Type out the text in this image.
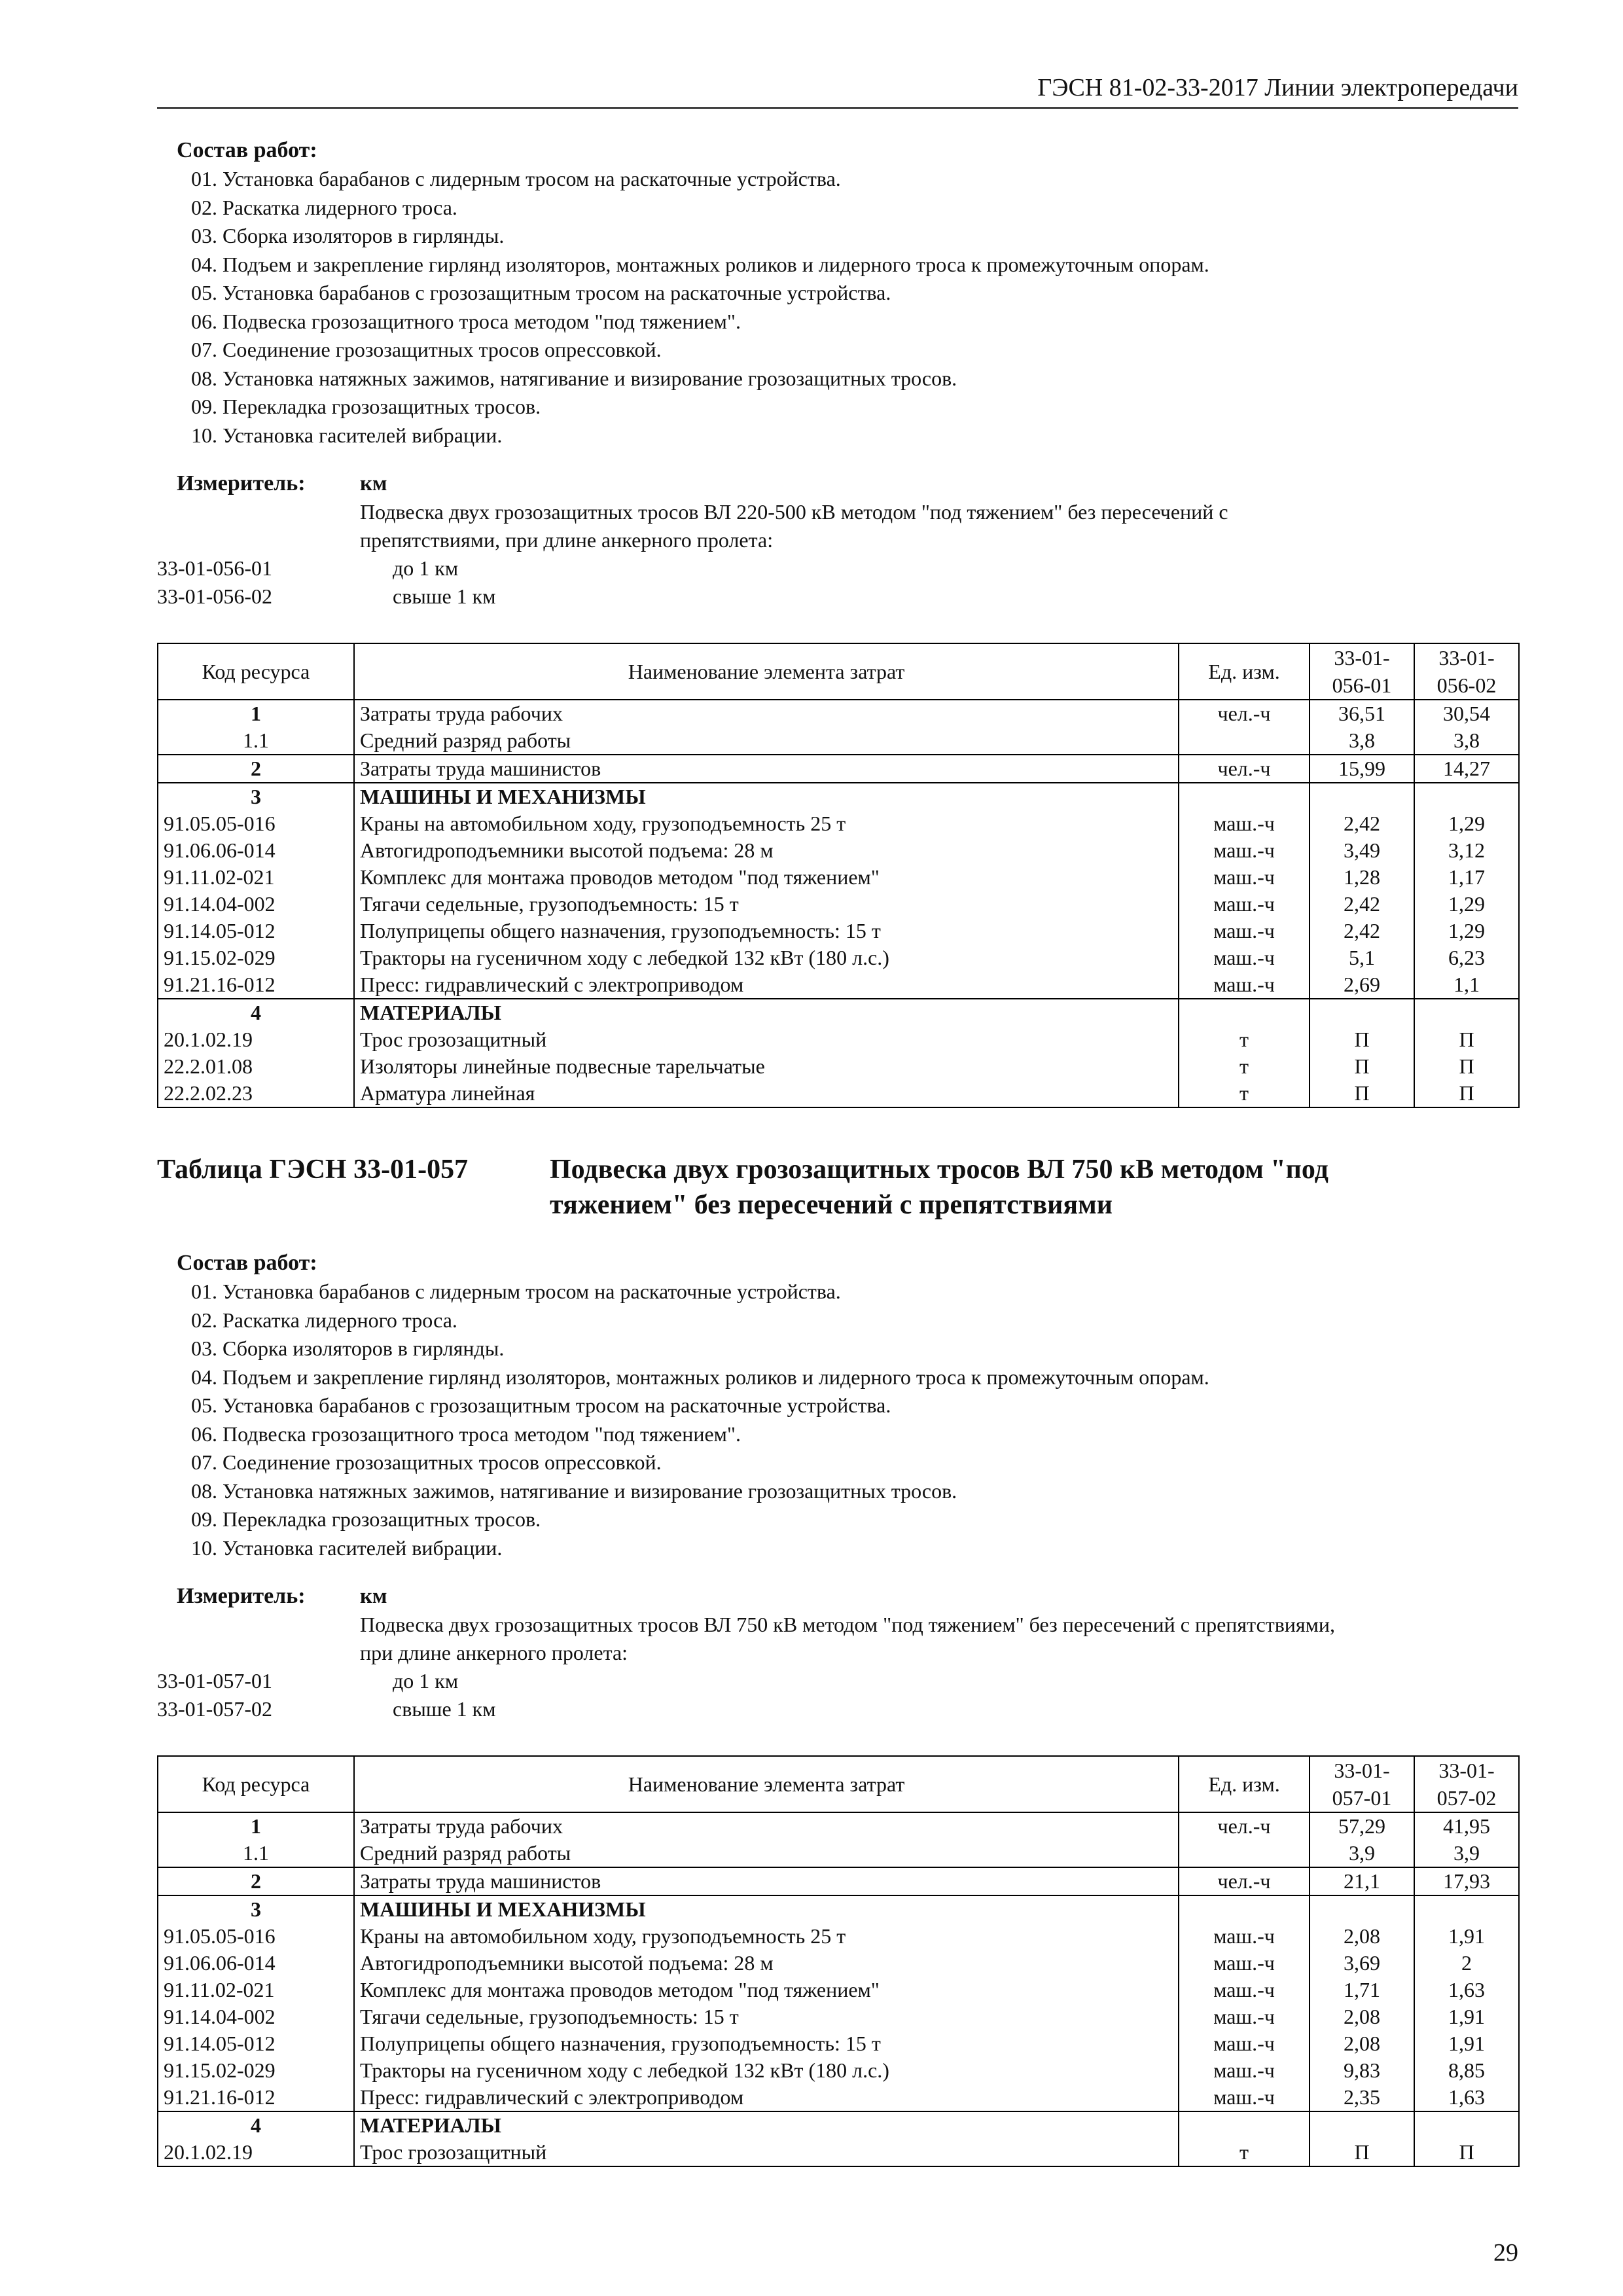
ГЭСН 81-02-33-2017 Линии электропередачи
Состав работ:
01. Установка барабанов с лидерным тросом на раскаточные устройства.
02. Раскатка лидерного троса.
03. Сборка изоляторов в гирлянды.
04. Подъем и закрепление гирлянд изоляторов, монтажных роликов и лидерного троса к промежуточным опорам.
05. Установка барабанов с грозозащитным тросом на раскаточные устройства.
06. Подвеска грозозащитного троса методом "под тяжением".
07. Соединение грозозащитных тросов опрессовкой.
08. Установка натяжных зажимов, натягивание и визирование грозозащитных тросов.
09. Перекладка грозозащитных тросов.
10. Установка гасителей вибрации.
Измеритель:	км
Подвеска двух грозозащитных тросов ВЛ 220-500 кВ методом "под тяжением" без пересечений с
препятствиями, при длине анкерного пролета:
33-01-056-01	до 1 км
33-01-056-02	свыше 1 км
Код ресурса	Наименование элемента затрат	Ед. изм.	33-01-056-01	33-01-056-02
1	Затраты труда рабочих	чел.-ч	36,51	30,54
1.1	Средний разряд работы		3,8	3,8
2	Затраты труда машинистов	чел.-ч	15,99	14,27
3	МАШИНЫ И МЕХАНИЗМЫ			
91.05.05-016	Краны на автомобильном ходу, грузоподъемность 25 т	маш.-ч	2,42	1,29
91.06.06-014	Автогидроподъемники высотой подъема: 28 м	маш.-ч	3,49	3,12
91.11.02-021	Комплекс для монтажа проводов методом "под тяжением"	маш.-ч	1,28	1,17
91.14.04-002	Тягачи седельные, грузоподъемность: 15 т	маш.-ч	2,42	1,29
91.14.05-012	Полуприцепы общего назначения, грузоподъемность: 15 т	маш.-ч	2,42	1,29
91.15.02-029	Тракторы на гусеничном ходу с лебедкой 132 кВт (180 л.с.)	маш.-ч	5,1	6,23
91.21.16-012	Пресс: гидравлический с электроприводом	маш.-ч	2,69	1,1
4	МАТЕРИАЛЫ			
20.1.02.19	Трос грозозащитный	т	П	П
22.2.01.08	Изоляторы линейные подвесные тарельчатые	т	П	П
22.2.02.23	Арматура линейная	т	П	П
Таблица ГЭСН 33-01-057	Подвеска двух грозозащитных тросов ВЛ 750 кВ методом "под
тяжением" без пересечений с препятствиями
Состав работ:
01. Установка барабанов с лидерным тросом на раскаточные устройства.
02. Раскатка лидерного троса.
03. Сборка изоляторов в гирлянды.
04. Подъем и закрепление гирлянд изоляторов, монтажных роликов и лидерного троса к промежуточным опорам.
05. Установка барабанов с грозозащитным тросом на раскаточные устройства.
06. Подвеска грозозащитного троса методом "под тяжением".
07. Соединение грозозащитных тросов опрессовкой.
08. Установка натяжных зажимов, натягивание и визирование грозозащитных тросов.
09. Перекладка грозозащитных тросов.
10. Установка гасителей вибрации.
Измеритель:	км
Подвеска двух грозозащитных тросов ВЛ 750 кВ методом "под тяжением" без пересечений с препятствиями,
при длине анкерного пролета:
33-01-057-01	до 1 км
33-01-057-02	свыше 1 км
Код ресурса	Наименование элемента затрат	Ед. изм.	33-01-057-01	33-01-057-02
1	Затраты труда рабочих	чел.-ч	57,29	41,95
1.1	Средний разряд работы		3,9	3,9
2	Затраты труда машинистов	чел.-ч	21,1	17,93
3	МАШИНЫ И МЕХАНИЗМЫ			
91.05.05-016	Краны на автомобильном ходу, грузоподъемность 25 т	маш.-ч	2,08	1,91
91.06.06-014	Автогидроподъемники высотой подъема: 28 м	маш.-ч	3,69	2
91.11.02-021	Комплекс для монтажа проводов методом "под тяжением"	маш.-ч	1,71	1,63
91.14.04-002	Тягачи седельные, грузоподъемность: 15 т	маш.-ч	2,08	1,91
91.14.05-012	Полуприцепы общего назначения, грузоподъемность: 15 т	маш.-ч	2,08	1,91
91.15.02-029	Тракторы на гусеничном ходу с лебедкой 132 кВт (180 л.с.)	маш.-ч	9,83	8,85
91.21.16-012	Пресс: гидравлический с электроприводом	маш.-ч	2,35	1,63
4	МАТЕРИАЛЫ			
20.1.02.19	Трос грозозащитный	т	П	П
29
